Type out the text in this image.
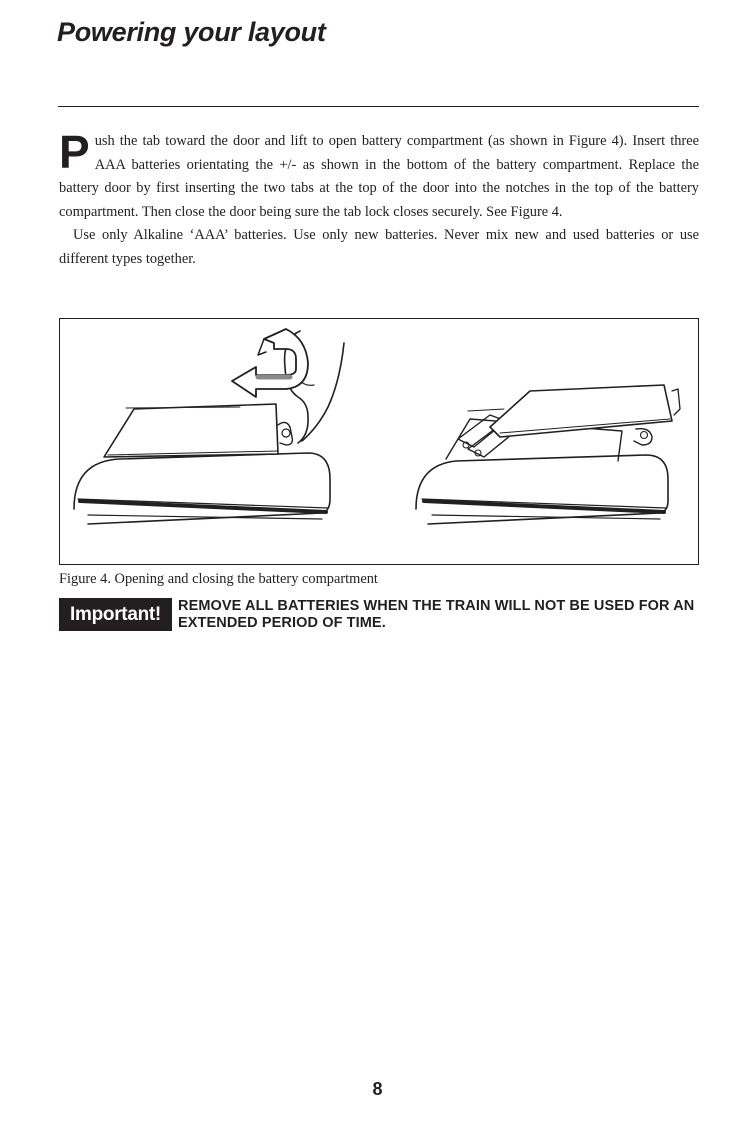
Powering your layout

Push the tab toward the door and lift to open battery compartment (as shown in Figure 4). Insert three AAA batteries orientating the +/- as shown in the bottom of the battery compartment. Replace the battery door by first inserting the two tabs at the top of the door into the notches in the top of the battery compartment. Then close the door being sure the tab lock closes securely. See Figure 4.

Use only Alkaline ‘AAA’ batteries. Use only new batteries. Never mix new and used batteries or use different types together.

Figure 4. Opening and closing the battery compartment

Important!	REMOVE ALL BATTERIES WHEN THE TRAIN WILL NOT BE USED FOR AN EXTENDED PERIOD OF TIME.

8
